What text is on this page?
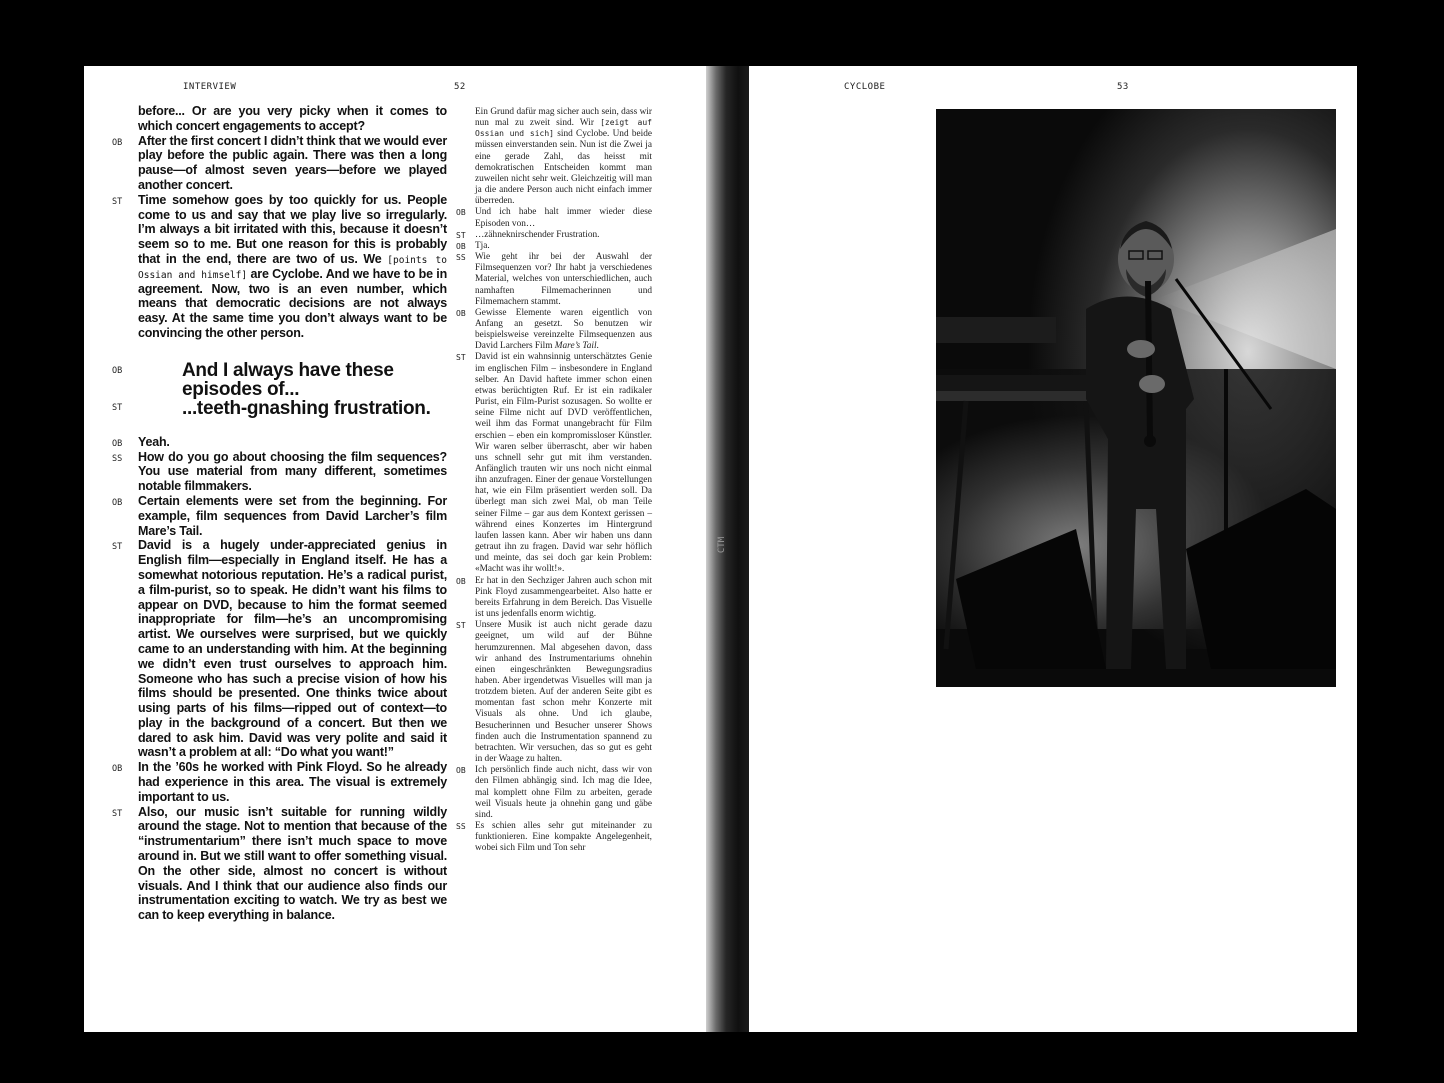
INTERVIEW	52
before... Or are you very picky when it comes to which concert engagements to accept?
OB	After the first concert I didn’t think that we would ever play before the public again. There was then a long pause—of almost seven years—before we played another concert.
ST	Time somehow goes by too quickly for us. People come to us and say that we play live so irregularly. I’m always a bit irritated with this, because it doesn’t seem so to me. But one reason for this is probably that in the end, there are two of us. We [points to Ossian and himself] are Cyclobe. And we have to be in agreement. Now, two is an even number, which means that democratic decisions are not always easy. At the same time you don’t always want to be convincing the other person.
OB
ST
And I always have these
episodes of...
...teeth-gnashing frustration.
OB	Yeah.
SS	How do you go about choosing the film sequences? You use material from many different, sometimes notable filmmakers.
OB	Certain elements were set from the beginning. For example, film sequences from David Larcher’s film Mare’s Tail.
ST	David is a hugely under-appreciated genius in English film—especially in England itself. He has a somewhat notorious reputation. He’s a radical purist, a film-purist, so to speak. He didn’t want his films to appear on DVD, because to him the format seemed inappropriate for film—he’s an uncompromising artist. We ourselves were surprised, but we quickly came to an understanding with him. At the beginning we didn’t even trust ourselves to approach him. Someone who has such a precise vision of how his films should be presented. One thinks twice about using parts of his films—ripped out of context—to play in the background of a concert. But then we dared to ask him. David was very polite and said it wasn’t a problem at all: “Do what you want!”
OB	In the ’60s he worked with Pink Floyd. So he already had experience in this area. The visual is extremely important to us.
ST	Also, our music isn’t suitable for running wildly around the stage. Not to mention that because of the “instrumentarium” there isn’t much space to move around in. But we still want to offer something visual. On the other side, almost no concert is without visuals. And I think that our audience also finds our instrumentation exciting to watch. We try as best we can to keep everything in balance.
Ein Grund dafür mag sicher auch sein, dass wir nun mal zu zweit sind. Wir [zeigt auf Ossian und sich] sind Cyclobe. Und beide müssen einverstanden sein. Nun ist die Zwei ja eine gerade Zahl, das heisst mit demokratischen Entscheiden kommt man zuweilen nicht sehr weit. Gleichzeitig will man ja die andere Person auch nicht einfach immer überreden.
OB	Und ich habe halt immer wieder diese Episoden von…
ST	…zähneknirschender Frustration.
OB	Tja.
SS	Wie geht ihr bei der Auswahl der Filmsequenzen vor? Ihr habt ja verschiedenes Material, welches von unterschiedlichen, auch namhaften Filmemacherinnen und Filmemachern stammt.
OB	Gewisse Elemente waren eigentlich von Anfang an gesetzt. So benutzen wir beispielsweise vereinzelte Filmsequenzen aus David Larchers Film Mare’s Tail.
ST	David ist ein wahnsinnig unterschätztes Genie im englischen Film – insbesondere in England selber. An David haftete immer schon einen etwas berüchtigten Ruf. Er ist ein radikaler Purist, ein Film-Purist sozusagen. So wollte er seine Filme nicht auf DVD veröffentlichen, weil ihm das Format unangebracht für Film erschien – eben ein kompromissloser Künstler. Wir waren selber überrascht, aber wir haben uns schnell sehr gut mit ihm verstanden. Anfänglich trauten wir uns noch nicht einmal ihn anzufragen. Einer der genaue Vorstellungen hat, wie ein Film präsentiert werden soll. Da überlegt man sich zwei Mal, ob man Teile seiner Filme – gar aus dem Kontext gerissen – während eines Konzertes im Hintergrund laufen lassen kann. Aber wir haben uns dann getraut ihn zu fragen. David war sehr höflich und meinte, das sei doch gar kein Problem: «Macht was ihr wollt!».
OB	Er hat in den Sechziger Jahren auch schon mit Pink Floyd zusammengearbeitet. Also hatte er bereits Erfahrung in dem Bereich. Das Visuelle ist uns jedenfalls enorm wichtig.
ST	Unsere Musik ist auch nicht gerade dazu geeignet, um wild auf der Bühne herumzurennen. Mal abgesehen davon, dass wir anhand des Instrumentariums ohnehin einen eingeschränkten Bewegungsradius haben. Aber irgendetwas Visuelles will man ja trotzdem bieten. Auf der anderen Seite gibt es momentan fast schon mehr Konzerte mit Visuals als ohne. Und ich glaube, Besucherinnen und Besucher unserer Shows finden auch die Instrumentation spannend zu betrachten. Wir versuchen, das so gut es geht in der Waage zu halten.
OB	Ich persönlich finde auch nicht, dass wir von den Filmen abhängig sind. Ich mag die Idee, mal komplett ohne Film zu arbeiten, gerade weil Visuals heute ja ohnehin gang und gäbe sind.
SS	Es schien alles sehr gut miteinander zu funktionieren. Eine kompakte Angelegenheit, wobei sich Film und Ton sehr
CTM
CYCLOBE	53
